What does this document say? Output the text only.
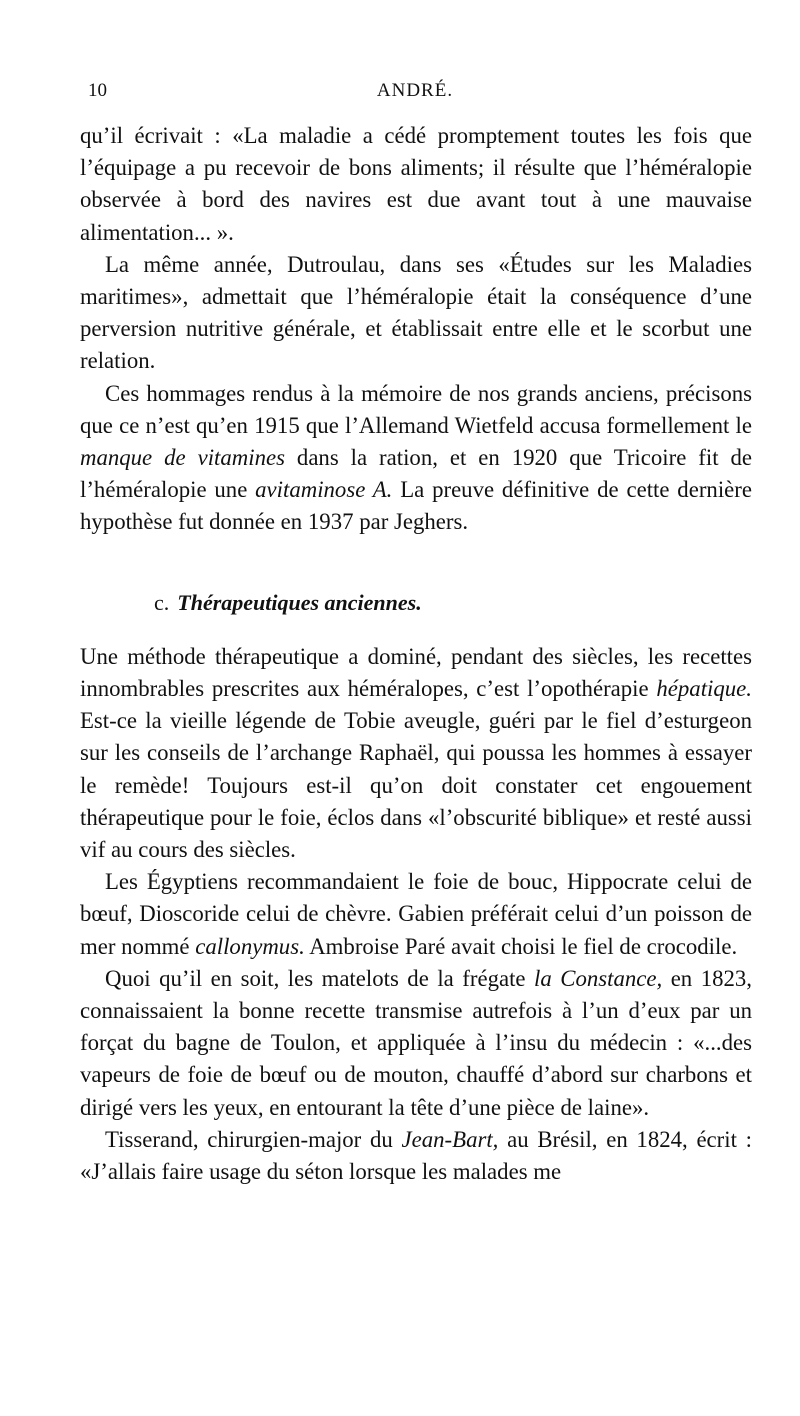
10	ANDRÉ.

qu’il écrivait : «La maladie a cédé promptement toutes les fois que l’équipage a pu recevoir de bons aliments; il résulte que l’héméralopie observée à bord des navires est due avant tout à une mauvaise alimentation... ».

La même année, Dutroulau, dans ses «Études sur les Maladies maritimes», admettait que l’héméralopie était la conséquence d’une perversion nutritive générale, et établissait entre elle et le scorbut une relation.

Ces hommages rendus à la mémoire de nos grands anciens, précisons que ce n’est qu’en 1915 que l’Allemand Wietfeld accusa formellement le manque de vitamines dans la ration, et en 1920 que Tricoire fit de l’héméralopie une avitaminose A. La preuve définitive de cette dernière hypothèse fut donnée en 1937 par Jeghers.

c. Thérapeutiques anciennes.

Une méthode thérapeutique a dominé, pendant des siècles, les recettes innombrables prescrites aux héméralopes, c’est l’opothérapie hépatique. Est-ce la vieille légende de Tobie aveugle, guéri par le fiel d’esturgeon sur les conseils de l’archange Raphaël, qui poussa les hommes à essayer le remède! Toujours est-il qu’on doit constater cet engouement thérapeutique pour le foie, éclos dans «l’obscurité biblique» et resté aussi vif au cours des siècles.

Les Égyptiens recommandaient le foie de bouc, Hippocrate celui de bœuf, Dioscoride celui de chèvre. Gabien préférait celui d’un poisson de mer nommé callonymus. Ambroise Paré avait choisi le fiel de crocodile.

Quoi qu’il en soit, les matelots de la frégate la Constance, en 1823, connaissaient la bonne recette transmise autrefois à l’un d’eux par un forçat du bagne de Toulon, et appliquée à l’insu du médecin : «...des vapeurs de foie de bœuf ou de mouton, chauffé d’abord sur charbons et dirigé vers les yeux, en entourant la tête d’une pièce de laine».

Tisserand, chirurgien-major du Jean-Bart, au Brésil, en 1824, écrit : «J’allais faire usage du séton lorsque les malades me
